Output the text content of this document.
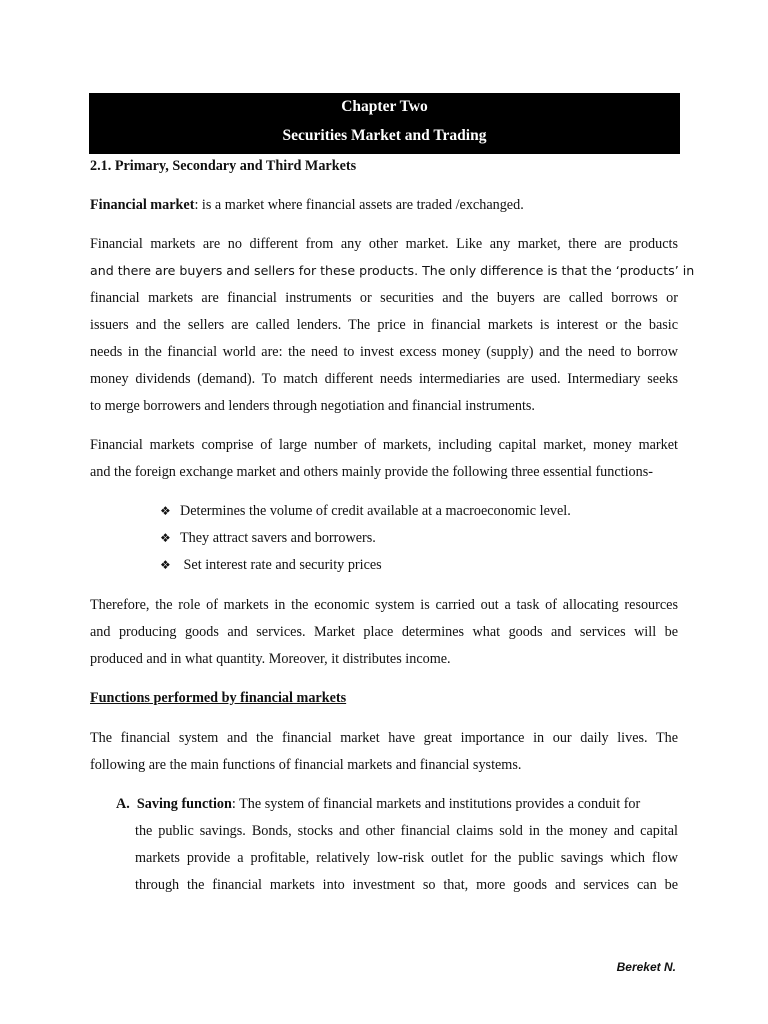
Chapter Two
Securities Market and Trading
2.1. Primary, Secondary and Third Markets
Financial market: is a market where financial assets are traded /exchanged.
Financial markets are no different from any other market. Like any market, there are products
and there are buyers and sellers for these products. The only difference is that the ‘products’ in
financial markets are financial instruments or securities and the buyers are called borrows or
issuers and the sellers are called lenders. The price in financial markets is interest or the basic
needs in the financial world are: the need to invest excess money (supply) and the need to borrow
money dividends (demand). To match different needs intermediaries are used. Intermediary seeks
to merge borrowers and lenders through negotiation and financial instruments.
Financial markets comprise of large number of markets, including capital market, money market
and the foreign exchange market and others mainly provide the following three essential functions-
❖ Determines the volume of credit available at a macroeconomic level.
❖ They attract savers and borrowers.
❖ Set interest rate and security prices
Therefore, the role of markets in the economic system is carried out a task of allocating resources
and producing goods and services. Market place determines what goods and services will be
produced and in what quantity. Moreover, it distributes income.
Functions performed by financial markets
The financial system and the financial market have great importance in our daily lives. The
following are the main functions of financial markets and financial systems.
A. Saving function: The system of financial markets and institutions provides a conduit for
the public savings. Bonds, stocks and other financial claims sold in the money and capital
markets provide a profitable, relatively low-risk outlet for the public savings which flow
through the financial markets into investment so that, more goods and services can be
Bereket N.
